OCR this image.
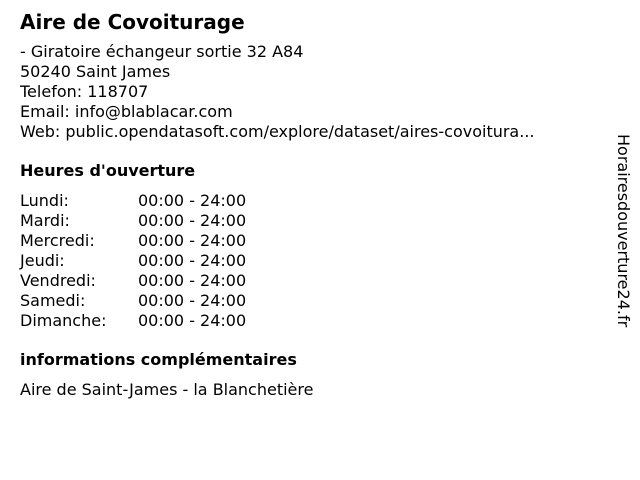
Aire de Covoiturage
- Giratoire échangeur sortie 32 A84
50240 Saint James
Telefon: 118707
Email: info@blablacar.com
Web: public.opendatasoft.com/explore/dataset/aires-covoitura...
Heures d'ouverture
Lundi:	00:00 - 24:00
Mardi:	00:00 - 24:00
Mercredi:	00:00 - 24:00
Jeudi:	00:00 - 24:00
Vendredi:	00:00 - 24:00
Samedi:	00:00 - 24:00
Dimanche:	00:00 - 24:00
informations complémentaires
Aire de Saint-James - la Blanchetière
Horairesdouverture24.fr
